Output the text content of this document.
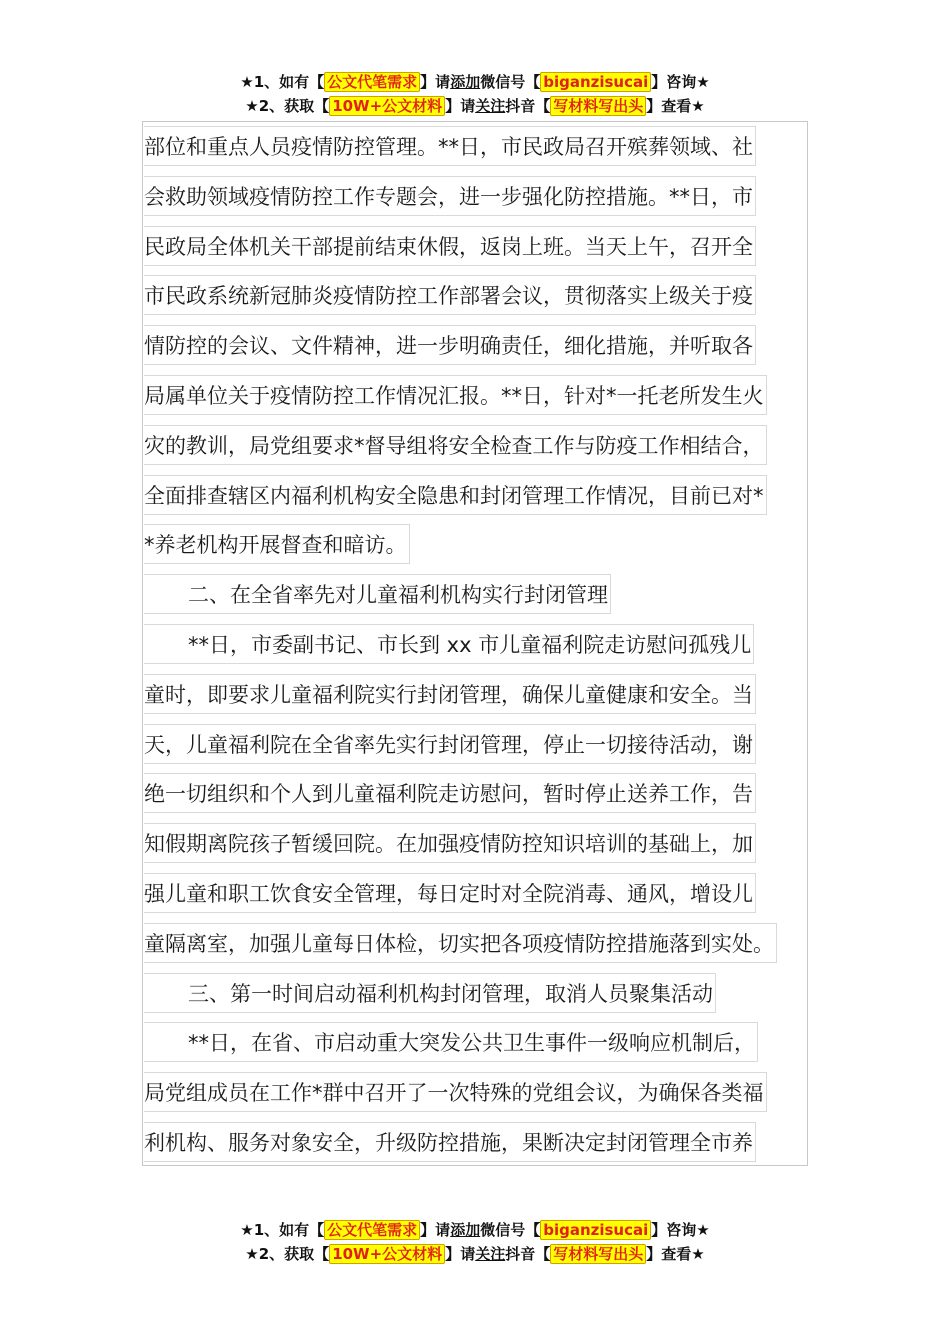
★1、如有【 公文代笔需求 】请添加微信号【 biganzisucai 】咨询★
★2、获取【 10W+公文材料 】请关注抖音【 写材料写出头 】查看★
部位和重点人员疫情防控管理。**日，市民政局召开殡葬领域、社
会救助领域疫情防控工作专题会，进一步强化防控措施。**日，市
民政局全体机关干部提前结束休假，返岗上班。当天上午，召开全
市民政系统新冠肺炎疫情防控工作部署会议，贯彻落实上级关于疫
情防控的会议、文件精神，进一步明确责任，细化措施，并听取各
局属单位关于疫情防控工作情况汇报。**日，针对*一托老所发生火
灾的教训，局党组要求*督导组将安全检查工作与防疫工作相结合，
全面排查辖区内福利机构安全隐患和封闭管理工作情况，目前已对*
*养老机构开展督查和暗访。
二、在全省率先对儿童福利机构实行封闭管理
**日，市委副书记、市长到 xx 市儿童福利院走访慰问孤残儿
童时，即要求儿童福利院实行封闭管理，确保儿童健康和安全。当
天，儿童福利院在全省率先实行封闭管理，停止一切接待活动，谢
绝一切组织和个人到儿童福利院走访慰问，暂时停止送养工作，告
知假期离院孩子暂缓回院。在加强疫情防控知识培训的基础上，加
强儿童和职工饮食安全管理，每日定时对全院消毒、通风，增设儿
童隔离室，加强儿童每日体检，切实把各项疫情防控措施落到实处。
三、第一时间启动福利机构封闭管理，取消人员聚集活动
**日，在省、市启动重大突发公共卫生事件一级响应机制后，
局党组成员在工作*群中召开了一次特殊的党组会议，为确保各类福
利机构、服务对象安全，升级防控措施，果断决定封闭管理全市养
★1、如有【 公文代笔需求 】请添加微信号【 biganzisucai 】咨询★
★2、获取【 10W+公文材料 】请关注抖音【 写材料写出头 】查看★
